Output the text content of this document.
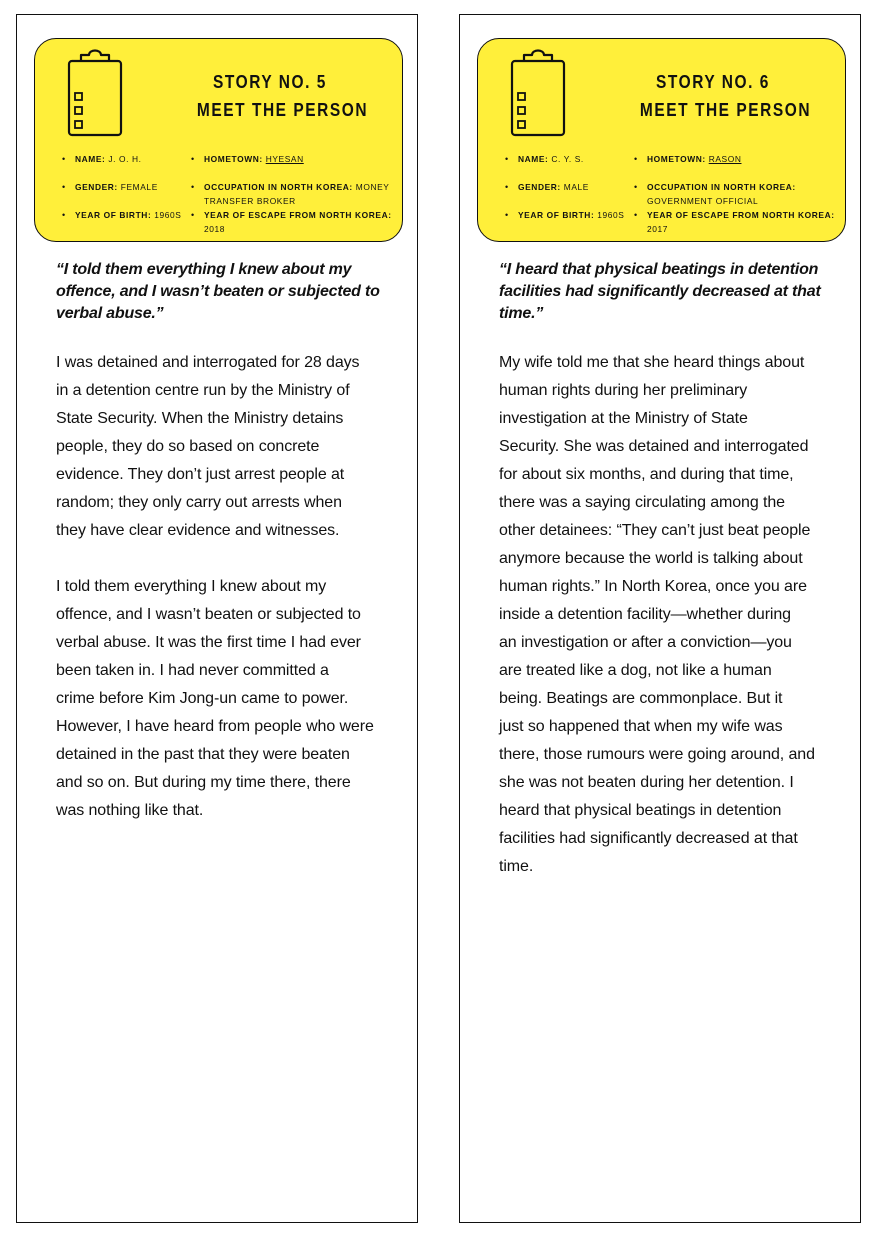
STORY NO. 5
MEET THE PERSON
• NAME: J. O. H.
• GENDER: FEMALE
• YEAR OF BIRTH: 1960S
• HOMETOWN: HYESAN
• OCCUPATION IN NORTH KOREA: MONEY
TRANSFER BROKER
• YEAR OF ESCAPE FROM NORTH KOREA:
2018
“I told them everything I knew about my
offence, and I wasn’t beaten or subjected to
verbal abuse.”
I was detained and interrogated for 28 days
in a detention centre run by the Ministry of
State Security. When the Ministry detains
people, they do so based on concrete
evidence. They don’t just arrest people at
random; they only carry out arrests when
they have clear evidence and witnesses.
I told them everything I knew about my
offence, and I wasn’t beaten or subjected to
verbal abuse. It was the first time I had ever
been taken in. I had never committed a
crime before Kim Jong-un came to power.
However, I have heard from people who were
detained in the past that they were beaten
and so on. But during my time there, there
was nothing like that.
STORY NO. 6
MEET THE PERSON
• NAME: C. Y. S.
• GENDER: MALE
• YEAR OF BIRTH: 1960S
• HOMETOWN: RASON
• OCCUPATION IN NORTH KOREA:
GOVERNMENT OFFICIAL
• YEAR OF ESCAPE FROM NORTH KOREA:
2017
“I heard that physical beatings in detention
facilities had significantly decreased at that
time.”
My wife told me that she heard things about
human rights during her preliminary
investigation at the Ministry of State
Security. She was detained and interrogated
for about six months, and during that time,
there was a saying circulating among the
other detainees: “They can’t just beat people
anymore because the world is talking about
human rights.” In North Korea, once you are
inside a detention facility—whether during
an investigation or after a conviction—you
are treated like a dog, not like a human
being. Beatings are commonplace. But it
just so happened that when my wife was
there, those rumours were going around, and
she was not beaten during her detention. I
heard that physical beatings in detention
facilities had significantly decreased at that
time.
